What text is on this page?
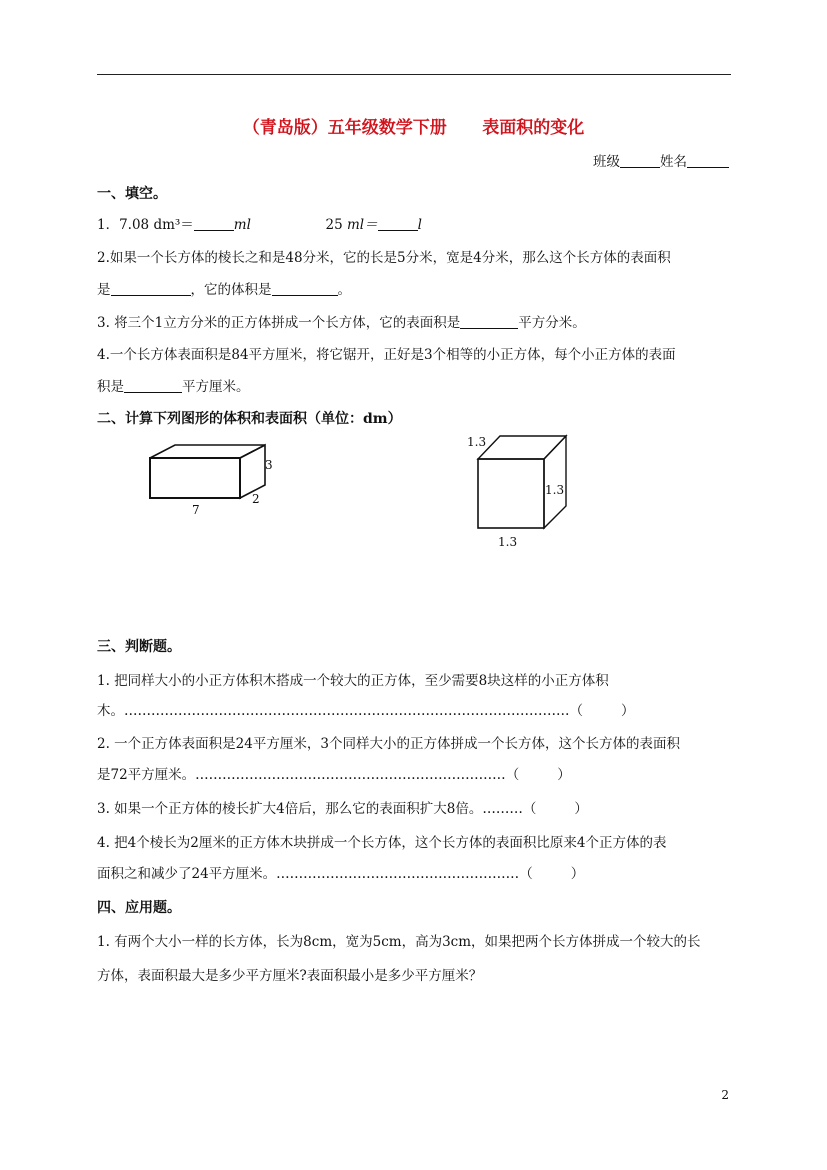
（青岛版）五年级数学下册      表面积的变化
班级	姓名
一、填空。
1．7.08 dm³＝	ml	25 ml＝	l
2.如果一个长方体的棱长之和是48分米，它的长是5分米，宽是4分米，那么这个长方体的表面积
是	，它的体积是	。
3. 将三个1立方分米的正方体拼成一个长方体，它的表面积是	平方分米。
4.一个长方体表面积是84平方厘米，将它锯开，正好是3个相等的小正方体，每个小正方体的表面
积是	平方厘米。
二、计算下列图形的体积和表面积（单位：dm）
3
2
7
1.3
1.3
1.3
三、判断题。
1. 把同样大小的小正方体积木搭成一个较大的正方体，至少需要8块这样的小正方体积
木。………………………………………………………………………………………（	）
2. 一个正方体表面积是24平方厘米，3个同样大小的正方体拼成一个长方体，这个长方体的表面积
是72平方厘米。……………………………………………………………（	）
3. 如果一个正方体的棱长扩大4倍后，那么它的表面积扩大8倍。………（	）
4. 把4个棱长为2厘米的正方体木块拼成一个长方体，这个长方体的表面积比原来4个正方体的表
面积之和减少了24平方厘米。………………………………………………（	）
四、应用题。
1. 有两个大小一样的长方体，长为8cm，宽为5cm，高为3cm，如果把两个长方体拼成一个较大的长
方体，表面积最大是多少平方厘米?表面积最小是多少平方厘米？
2
